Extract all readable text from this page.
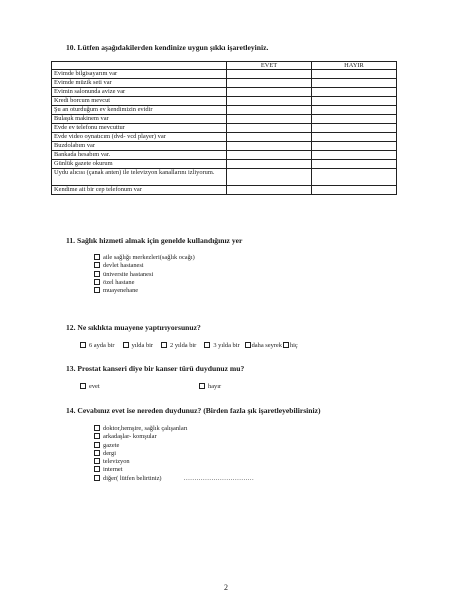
10. Lütfen aşağıdakilerden kendinize uygun şıkkı işaretleyiniz.
	EVET	HAYIR
Evimde bilgisayarım var		
Evimde müzik seti var		
Evimin salonunda avize var		
Kredi borcum mevcut		
Şu an oturduğum ev kendimizin evidir		
Bulaşık makinem var		
Evde ev telefonu mevcuttur		
Evde video oynatıcım (dvd- vcd player) var		
Buzdolabım var		
Bankada hesabım var.		
Günlük gazete okurum		
Uydu alıcısı (çanak anten) ile televizyon kanallarını izliyorum.		
Kendime ait bir cep telefonum var		
11. Sağlık hizmeti almak için genelde kullandığınız yer
aile sağlığı merkezleri(sağlık ocağı)
devlet hastanesi
üniversite hastanesi
özel hastane
muayenehane
12. Ne sıklıkta muayene yaptırıyorsunuz?
6 ayda bir	yılda bir	2 yılda bir	3 yılda bir daha seyrek hiç
13. Prostat kanseri diye bir kanser türü duydunuz mu?
evet	hayır
14. Cevabınız evet ise nereden duydunuz? (Birden fazla şık işaretleyebilirsiniz)
doktor,hemşire, sağlık çalışanları
arkadaşlar- komşular
gazete
dergi
televizyon
internet
diğer( lütfen belirtiniz)	……………………………
2
